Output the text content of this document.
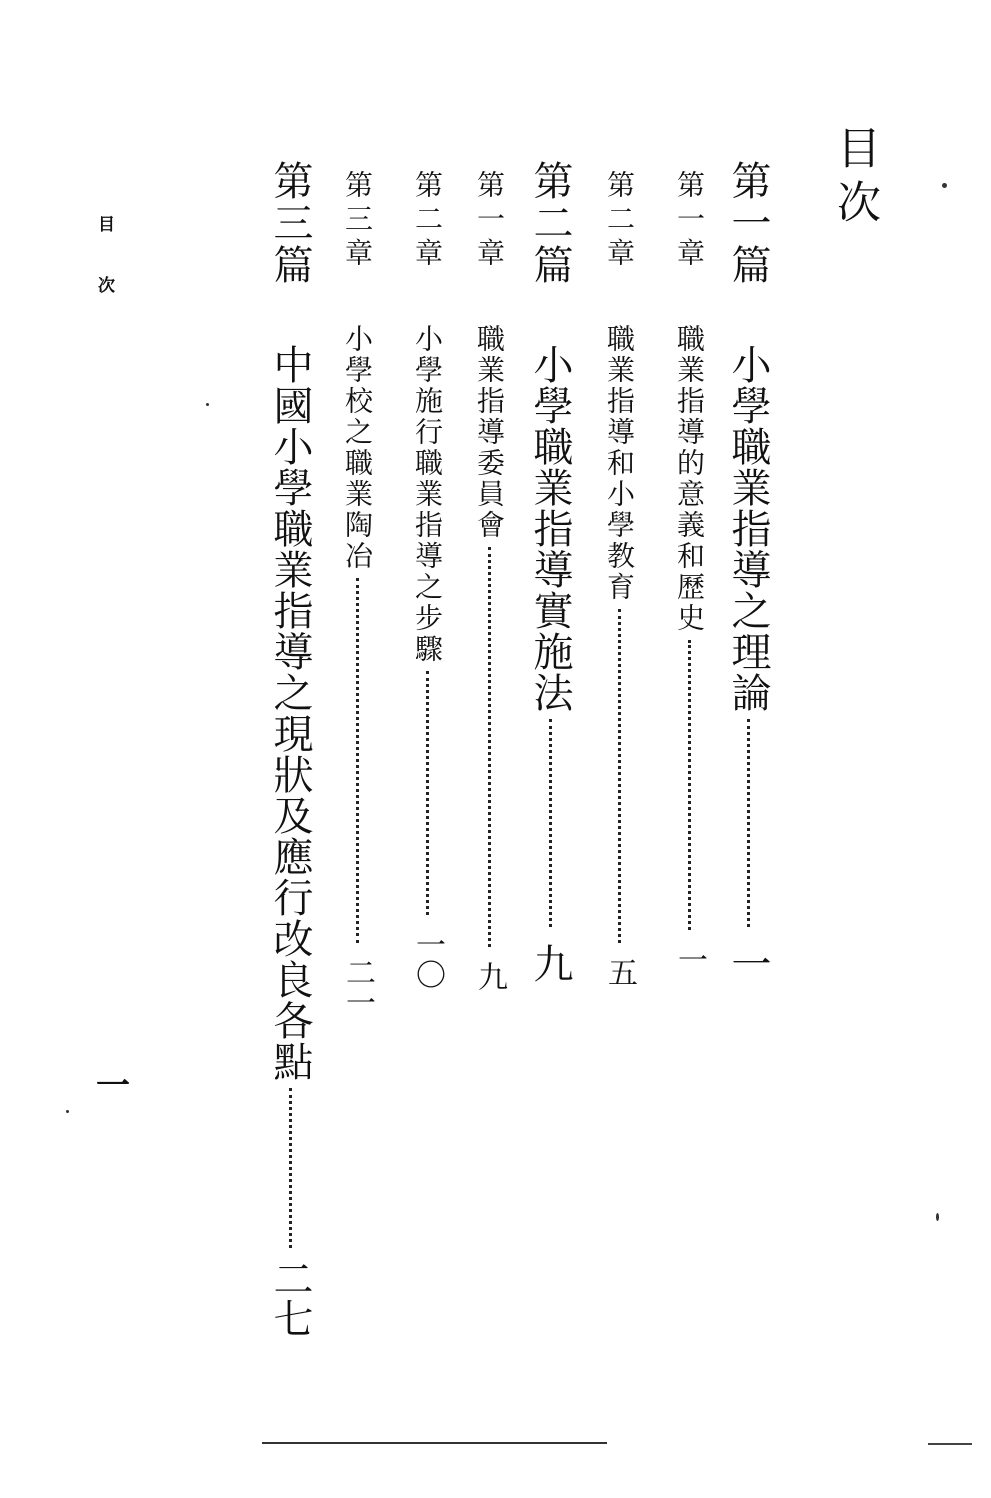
目次
第一篇小學職業指導之理論一
第一章職業指導的意義和歷史一
第二章職業指導和小學教育五
第二篇小學職業指導實施法九
第一章職業指導委員會九
第二章小學施行職業指導之步驟一〇
第三章小學校之職業陶冶二一
第三篇中國小學職業指導之現狀及應行改良各點二七
目次
一
